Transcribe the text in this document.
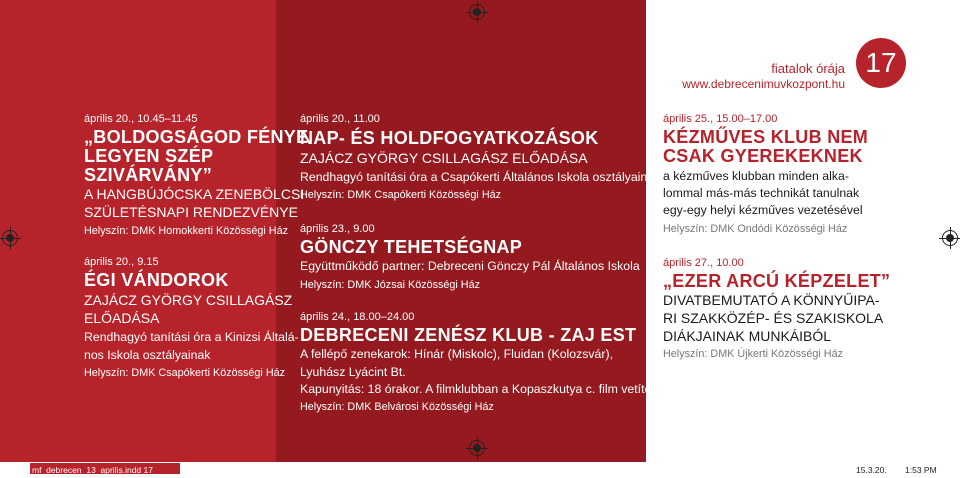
fiatalok órája
www.debrecenimuvkozpont.hu
17
április 20., 10.45–11.45
„BOLDOGSÁGOD FÉNYE
LEGYEN SZÉP
SZIVÁRVÁNY”
A HANGBÚJÓCSKA ZENEBÖLCSI
SZÜLETÉSNAPI RENDEZVÉNYE
Helyszín: DMK Homokkerti Közösségi Ház
április 20., 9.15
ÉGI VÁNDOROK
ZAJÁCZ GYÖRGY CSILLAGÁSZ
ELŐADÁSA
Rendhagyó tanítási óra a Kinizsi Általá-
nos Iskola osztályainak
Helyszín: DMK Csapókerti Közösségi Ház
április 20., 11.00
NAP- ÉS HOLDFOGYATKOZÁSOK
ZAJÁCZ GYÖRGY CSILLAGÁSZ ELŐADÁSA
Rendhagyó tanítási óra a Csapókerti Általános Iskola osztályainak
Helyszín: DMK Csapókerti Közösségi Ház
április 23., 9.00
GÖNCZY TEHETSÉGNAP
Együttműködő partner: Debreceni Gönczy Pál Általános Iskola
Helyszín: DMK Józsai Közösségi Ház
április 24., 18.00–24.00
DEBRECENI ZENÉSZ KLUB - ZAJ EST
A fellépő zenekarok: Hínár (Miskolc), Fluidan (Kolozsvár),
Lyuhász Lyácint Bt.
Kapunyitás: 18 órakor. A filmklubban a Kopaszkutya c. film vetítése.
Helyszín: DMK Belvárosi Közösségi Ház
április 25., 15.00–17.00
KÉZMŰVES KLUB NEM
CSAK GYEREKEKNEK
a kézműves klubban minden alka-
lommal más-más technikát tanulnak
egy-egy helyi kézműves vezetésével
Helyszín: DMK Ondódi Közösségi Ház
április 27., 10.00
„EZER ARCÚ KÉPZELET”
DIVATBEMUTATÓ A KÖNNYŰIPA-
RI SZAKKÖZÉP- ÉS SZAKISKOLA
DIÁKJAINAK MUNKÁIBÓL
Helyszín: DMK Újkerti Közösségi Ház
mf_debrecen_13_aprilis.indd 17	15.3.20. 1:53 PM
